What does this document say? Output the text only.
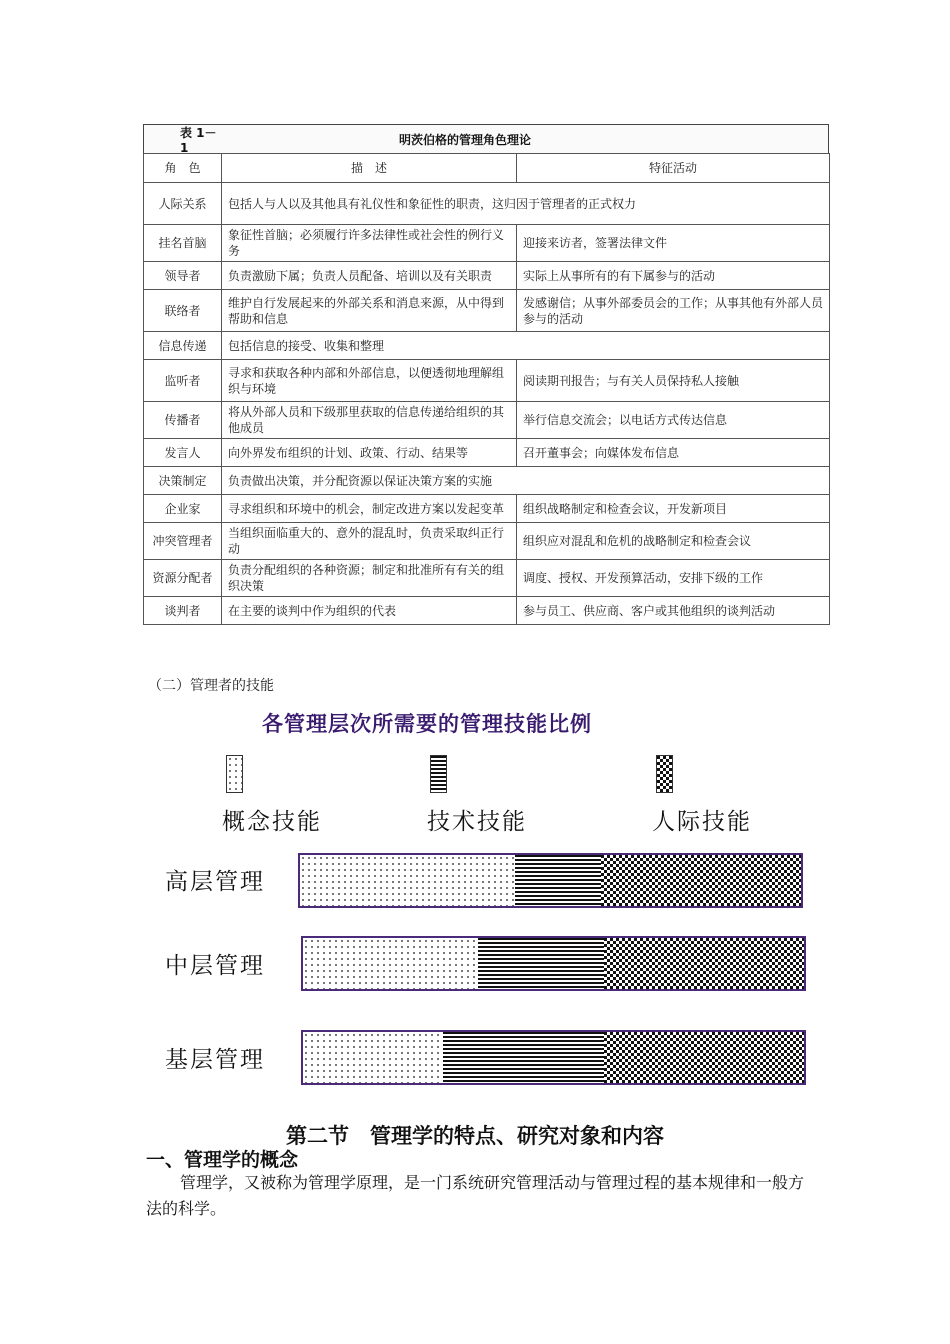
表 1－1
明茨伯格的管理角色理论
角　色	描　述	特征活动
人际关系	包括人与人以及其他具有礼仪性和象征性的职责，这归因于管理者的正式权力	
挂名首脑	象征性首脑；必须履行许多法律性或社会性的例行义务	迎接来访者，签署法律文件
领导者	负责激励下属；负责人员配备、培训以及有关职责	实际上从事所有的有下属参与的活动
联络者	维护自行发展起来的外部关系和消息来源，从中得到帮助和信息	发感谢信；从事外部委员会的工作；从事其他有外部人员参与的活动
信息传递	包括信息的接受、收集和整理	
监听者	寻求和获取各种内部和外部信息，以便透彻地理解组织与环境	阅读期刊报告；与有关人员保持私人接触
传播者	将从外部人员和下级那里获取的信息传递给组织的其他成员	举行信息交流会；以电话方式传达信息
发言人	向外界发布组织的计划、政策、行动、结果等	召开董事会；向媒体发布信息
决策制定	负责做出决策，并分配资源以保证决策方案的实施	
企业家	寻求组织和环境中的机会，制定改进方案以发起变革	组织战略制定和检查会议，开发新项目
冲突管理者	当组织面临重大的、意外的混乱时，负责采取纠正行动	组织应对混乱和危机的战略制定和检查会议
资源分配者	负责分配组织的各种资源；制定和批准所有有关的组织决策	调度、授权、开发预算活动，安排下级的工作
谈判者	在主要的谈判中作为组织的代表	参与员工、供应商、客户或其他组织的谈判活动
（二）管理者的技能
各管理层次所需要的管理技能比例
概念技能	技术技能	人际技能
高层管理
中层管理
基层管理
第二节　管理学的特点、研究对象和内容
一、管理学的概念
管理学，又被称为管理学原理，是一门系统研究管理活动与管理过程的基本规律和一般方法的科学。
